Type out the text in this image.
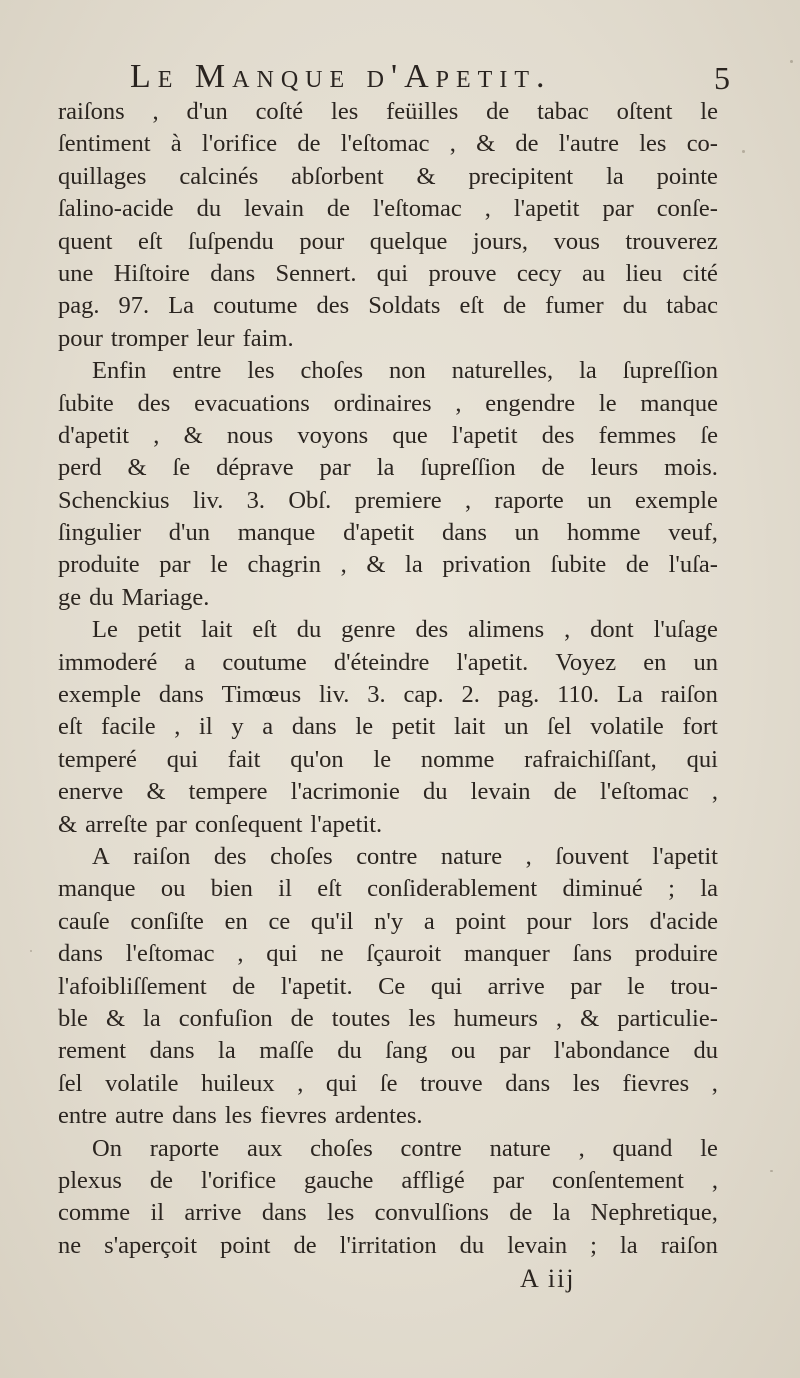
Le Manque d'Apetit.	5
raiſons , d'un coſté les feüilles de tabac oſtent le
ſentiment à l'orifice de l'eſtomac , & de l'autre les co-
quillages calcinés abſorbent & precipitent la pointe
ſalino-acide du levain de l'eſtomac , l'apetit par conſe-
quent eſt ſuſpendu pour quelque jours, vous trouverez
une Hiſtoire dans Sennert. qui prouve cecy au lieu cité
pag. 97. La coutume des Soldats eſt de fumer du tabac
pour tromper leur faim.
Enfin entre les choſes non naturelles, la ſupreſſion
ſubite des evacuations ordinaires , engendre le manque
d'apetit , & nous voyons que l'apetit des femmes ſe
perd & ſe déprave par la ſupreſſion de leurs mois.
Schenckius liv. 3. Obſ. premiere , raporte un exemple
ſingulier d'un manque d'apetit dans un homme veuf,
produite par le chagrin , & la privation ſubite de l'uſa-
ge du Mariage.
Le petit lait eſt du genre des alimens , dont l'uſage
immoderé a coutume d'éteindre l'apetit. Voyez en un
exemple dans Timœus liv. 3. cap. 2. pag. 110. La raiſon
eſt facile , il y a dans le petit lait un ſel volatile fort
temperé qui fait qu'on le nomme rafraichiſſant, qui
enerve & tempere l'acrimonie du levain de l'eſtomac ,
& arreſte par conſequent l'apetit.
A raiſon des choſes contre nature , ſouvent l'apetit
manque ou bien il eſt conſiderablement diminué ; la
cauſe conſiſte en ce qu'il n'y a point pour lors d'acide
dans l'eſtomac , qui ne ſçauroit manquer ſans produire
l'afoibliſſement de l'apetit. Ce qui arrive par le trou-
ble & la confuſion de toutes les humeurs , & particulie-
rement dans la maſſe du ſang ou par l'abondance du
ſel volatile huileux , qui ſe trouve dans les fievres ,
entre autre dans les fievres ardentes.
On raporte aux choſes contre nature , quand le
plexus de l'orifice gauche affligé par conſentement ,
comme il arrive dans les convulſions de la Nephretique,
ne s'aperçoit point de l'irritation du levain ; la raiſon
A iij
